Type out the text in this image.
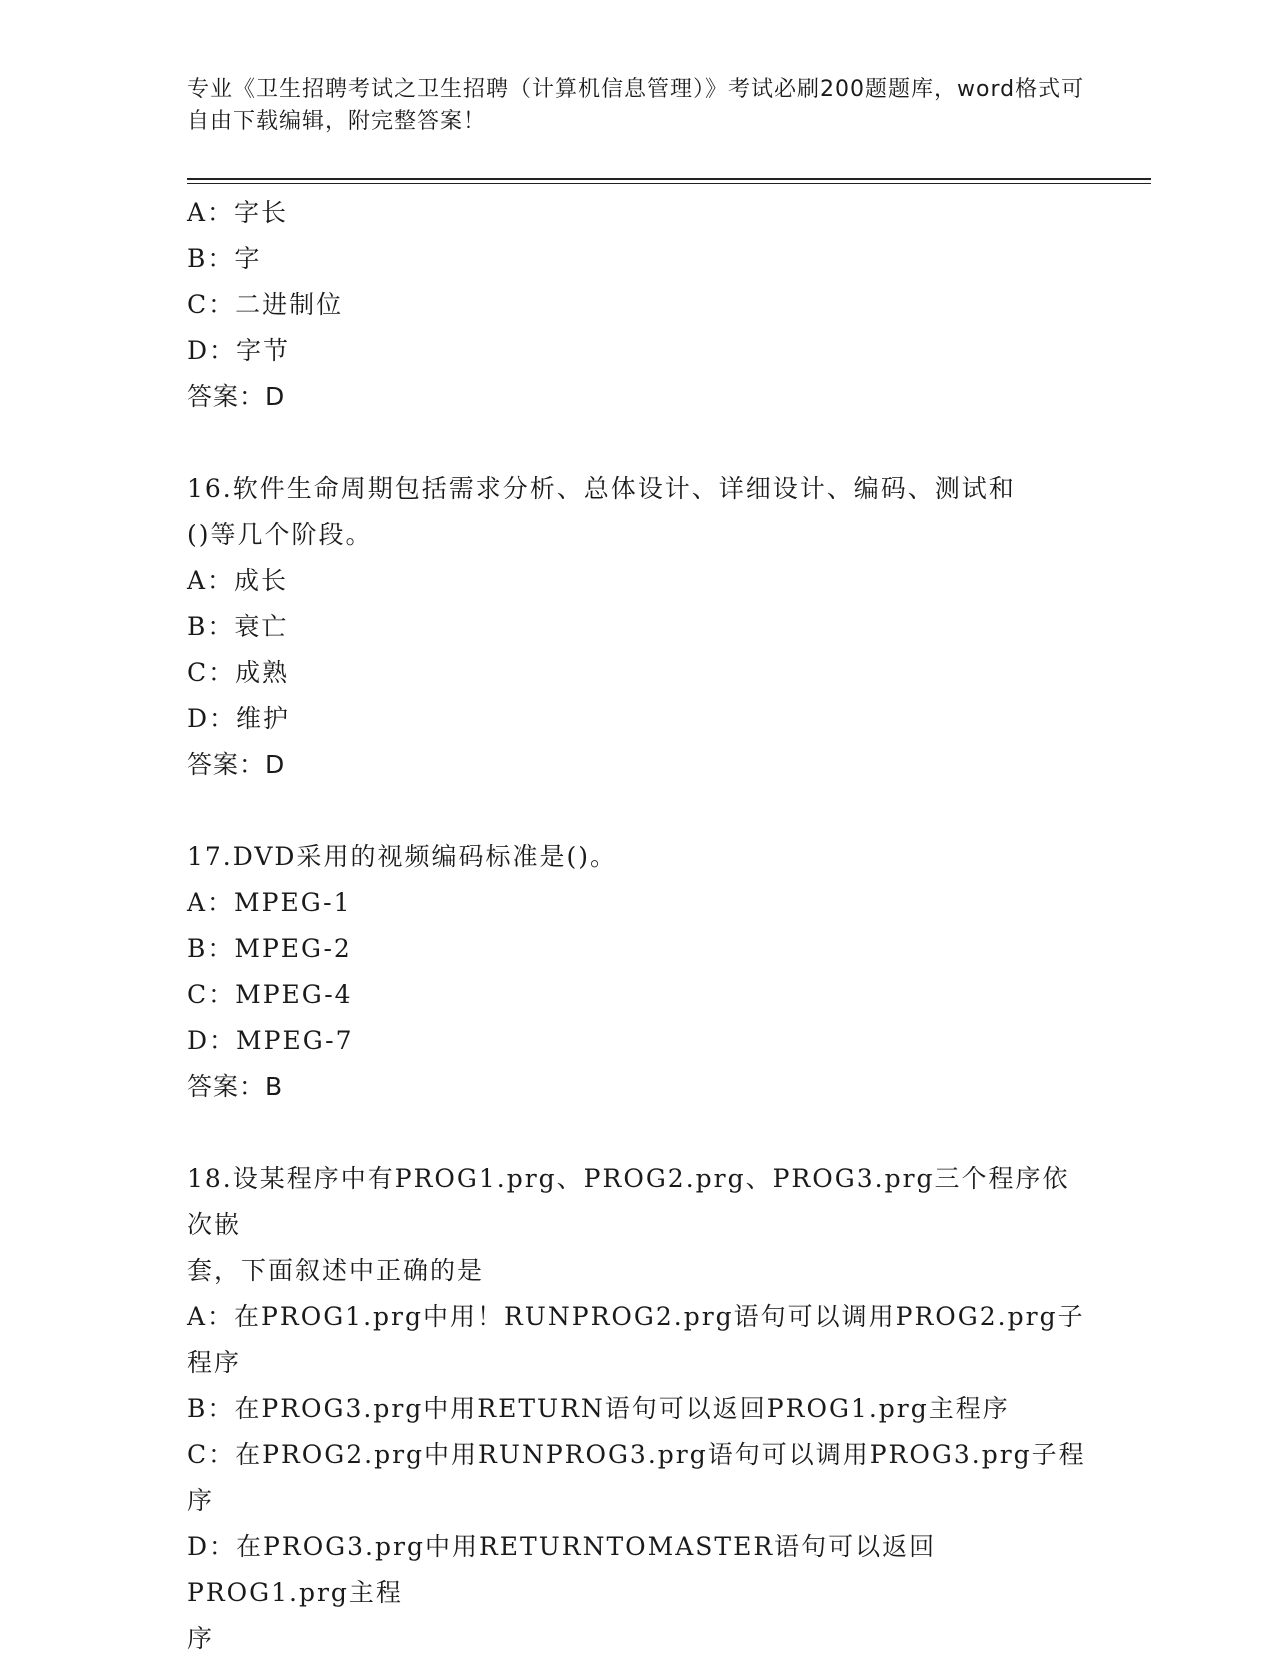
专业《卫生招聘考试之卫生招聘（计算机信息管理）》考试必刷200题题库，word格式可自由下载编辑，附完整答案！
A：字长
B：字
C：二进制位
D：字节
答案：D
16.软件生命周期包括需求分析、总体设计、详细设计、编码、测试和
()等几个阶段。
A：成长
B：衰亡
C：成熟
D：维护
答案：D
17.DVD采用的视频编码标准是()。
A：MPEG-1
B：MPEG-2
C：MPEG-4
D：MPEG-7
答案：B
18.设某程序中有PROG1.prg、PROG2.prg、PROG3.prg三个程序依次嵌
套，下面叙述中正确的是
A：在PROG1.prg中用！RUNPROG2.prg语句可以调用PROG2.prg子程序
B：在PROG3.prg中用RETURN语句可以返回PROG1.prg主程序
C：在PROG2.prg中用RUNPROG3.prg语句可以调用PROG3.prg子程序
D：在PROG3.prg中用RETURNTOMASTER语句可以返回PROG1.prg主程
序
